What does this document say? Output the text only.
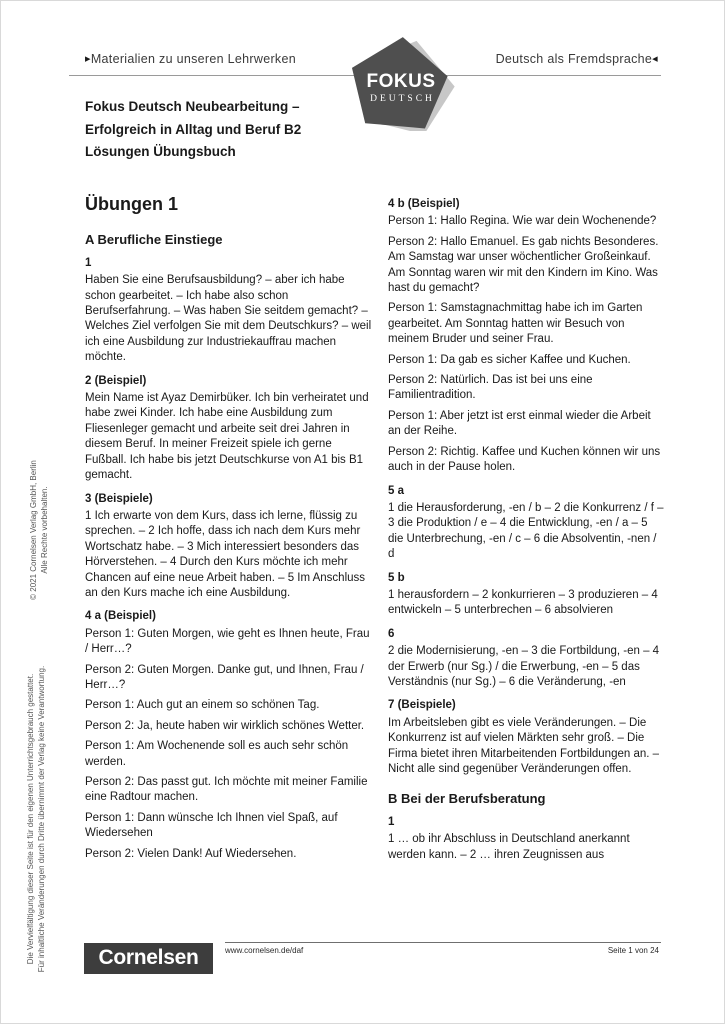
▸Materialien zu unseren Lehrwerken	Deutsch als Fremdsprache◂
FOKUS
DEUTSCH
Fokus Deutsch Neubearbeitung –
Erfolgreich in Alltag und Beruf B2
Lösungen Übungsbuch
© 2021 Cornelsen Verlag GmbH, Berlin Alle Rechte vorbehalten.
Die Vervielfältigung dieser Seite ist für den eigenen Unterrichtsgebrauch gestattet. Für inhaltliche Veränderungen durch Dritte übernimmt der Verlag keine Verantwortung.
Übungen 1
A Berufliche Einstiege
1
Haben Sie eine Berufsausbildung? – aber ich habe schon gearbeitet. – Ich habe also schon Berufserfahrung. – Was haben Sie seitdem gemacht? – Welches Ziel verfolgen Sie mit dem Deutschkurs? – weil ich eine Ausbildung zur Industriekauffrau machen möchte.
2 (Beispiel)
Mein Name ist Ayaz Demirbüker. Ich bin verheiratet und habe zwei Kinder. Ich habe eine Ausbildung zum Fliesenleger gemacht und arbeite seit drei Jahren in diesem Beruf. In meiner Freizeit spiele ich gerne Fußball. Ich habe bis jetzt Deutschkurse von A1 bis B1 gemacht.
3 (Beispiele)
1 Ich erwarte von dem Kurs, dass ich lerne, flüssig zu sprechen. – 2 Ich hoffe, dass ich nach dem Kurs mehr Wortschatz habe. – 3 Mich interessiert besonders das Hörverstehen. – 4 Durch den Kurs möchte ich mehr Chancen auf eine neue Arbeit haben. – 5 Im Anschluss an den Kurs mache ich eine Ausbildung.
4 a (Beispiel)
Person 1: Guten Morgen, wie geht es Ihnen heute, Frau / Herr…?
Person 2: Guten Morgen. Danke gut, und Ihnen, Frau / Herr…?
Person 1: Auch gut an einem so schönen Tag.
Person 2: Ja, heute haben wir wirklich schönes Wetter.
Person 1: Am Wochenende soll es auch sehr schön werden.
Person 2: Das passt gut. Ich möchte mit meiner Familie eine Radtour machen.
Person 1: Dann wünsche Ich Ihnen viel Spaß, auf Wiedersehen
Person 2: Vielen Dank! Auf Wiedersehen.
4 b (Beispiel)
Person 1: Hallo Regina. Wie war dein Wochenende?
Person 2: Hallo Emanuel. Es gab nichts Besonderes. Am Samstag war unser wöchentlicher Großeinkauf. Am Sonntag waren wir mit den Kindern im Kino. Was hast du gemacht?
Person 1: Samstagnachmittag habe ich im Garten gearbeitet. Am Sonntag hatten wir Besuch von meinem Bruder und seiner Frau.
Person 1: Da gab es sicher Kaffee und Kuchen.
Person 2: Natürlich. Das ist bei uns eine Familientradition.
Person 1: Aber jetzt ist erst einmal wieder die Arbeit an der Reihe.
Person 2: Richtig. Kaffee und Kuchen können wir uns auch in der Pause holen.
5 a
1 die Herausforderung, -en / b – 2 die Konkurrenz / f – 3 die Produktion / e – 4 die Entwicklung, -en / a – 5 die Unterbrechung, -en / c – 6 die Absolventin, -nen / d
5 b
1 herausfordern – 2 konkurrieren – 3 produzieren – 4 entwickeln – 5 unterbrechen – 6 absolvieren
6
2 die Modernisierung, -en – 3 die Fortbildung, -en – 4 der Erwerb (nur Sg.) / die Erwerbung, -en – 5 das Verständnis (nur Sg.) – 6 die Veränderung, -en
7 (Beispiele)
Im Arbeitsleben gibt es viele Veränderungen. – Die Konkurrenz ist auf vielen Märkten sehr groß. – Die Firma bietet ihren Mitarbeitenden Fortbildungen an. – Nicht alle sind gegenüber Veränderungen offen.
B Bei der Berufsberatung
1
1 … ob ihr Abschluss in Deutschland anerkannt werden kann. – 2 … ihren Zeugnissen aus
Cornelsen	www.cornelsen.de/daf	Seite 1 von 24
